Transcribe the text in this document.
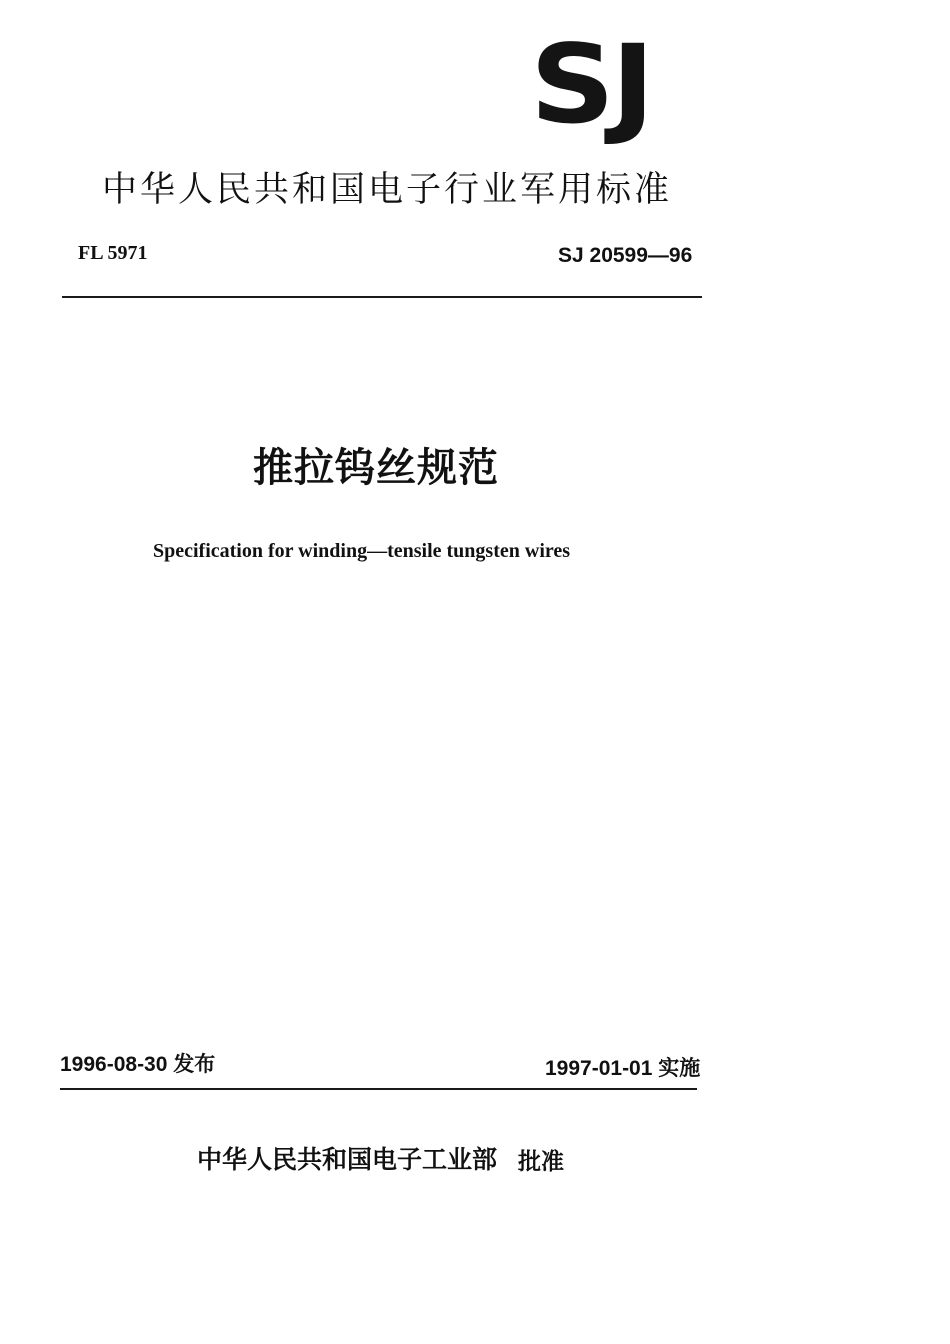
SJ
中华人民共和国电子行业军用标准
FL 5971	SJ 20599—96
推拉钨丝规范
Specification for winding—tensile tungsten wires
1996-08-30 发布	1997-01-01 实施
中华人民共和国电子工业部 批准
